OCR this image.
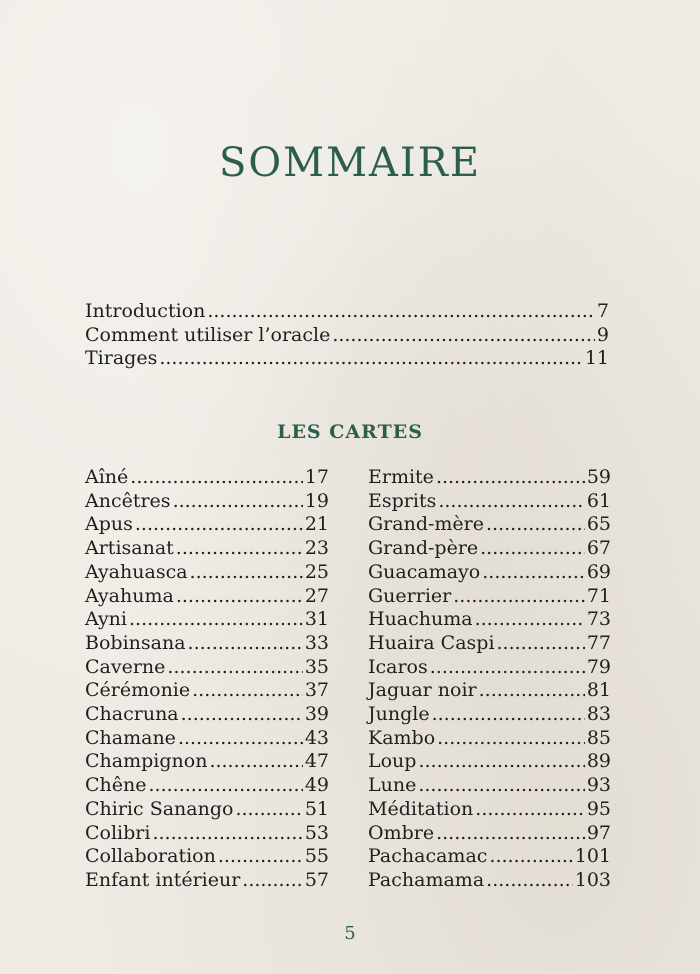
SOMMAIRE
Introduction .....	7
Comment utiliser l’oracle .....	9
Tirages .....	11
LES CARTES
Aîné .....	17
Ancêtres .....	19
Apus .....	21
Artisanat .....	23
Ayahuasca .....	25
Ayahuma .....	27
Ayni .....	31
Bobinsana .....	33
Caverne .....	35
Cérémonie .....	37
Chacruna .....	39
Chamane .....	43
Champignon .....	47
Chêne .....	49
Chiric Sanango .....	51
Colibri .....	53
Collaboration .....	55
Enfant intérieur .....	57
Ermite .....	59
Esprits .....	61
Grand-mère .....	65
Grand-père .....	67
Guacamayo .....	69
Guerrier .....	71
Huachuma .....	73
Huaira Caspi .....	77
Icaros .....	79
Jaguar noir .....	81
Jungle .....	83
Kambo .....	85
Loup .....	89
Lune .....	93
Méditation .....	95
Ombre .....	97
Pachacamac .....	101
Pachamama .....	103
5
